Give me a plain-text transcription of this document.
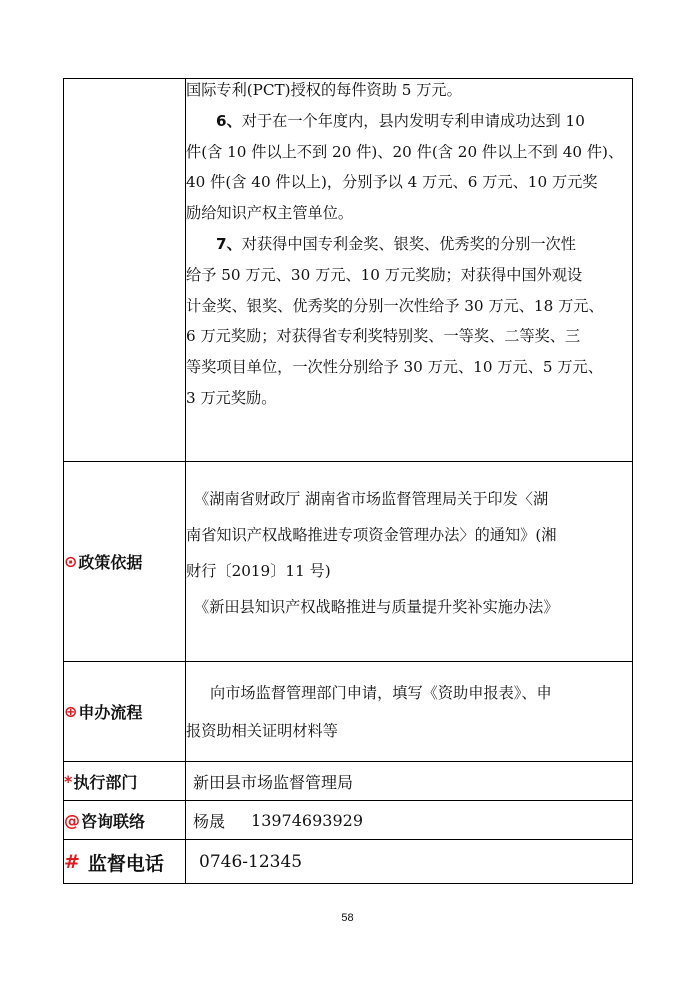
国际专利(PCT)授权的每件资助 5 万元。

6、对于在一个年度内，县内发明专利申请成功达到 10

件(含 10 件以上不到 20 件)、20 件(含 20 件以上不到 40 件)、

40 件(含 40 件以上)，分别予以 4 万元、6 万元、10 万元奖

励给知识产权主管单位。

7、对获得中国专利金奖、银奖、优秀奖的分别一次性

给予 50 万元、30 万元、10 万元奖励；对获得中国外观设

计金奖、银奖、优秀奖的分别一次性给予 30 万元、18 万元、

6 万元奖励；对获得省专利奖特别奖、一等奖、二等奖、三

等奖项目单位，一次性分别给予 30 万元、10 万元、5 万元、

3 万元奖励。

⊙ 政策依据

《湖南省财政厅 湖南省市场监督管理局关于印发〈湖

南省知识产权战略推进专项资金管理办法〉的通知》(湘

财行〔2019〕11 号)

《新田县知识产权战略推进与质量提升奖补实施办法》

⊕ 申办流程

向市场监督管理部门申请，填写《资助申报表》、申

报资助相关证明材料等

* 执行部门	新田县市场监督管理局
@ 咨询联络	杨晟 13974693929
# 监督电话 0746-12345
58
